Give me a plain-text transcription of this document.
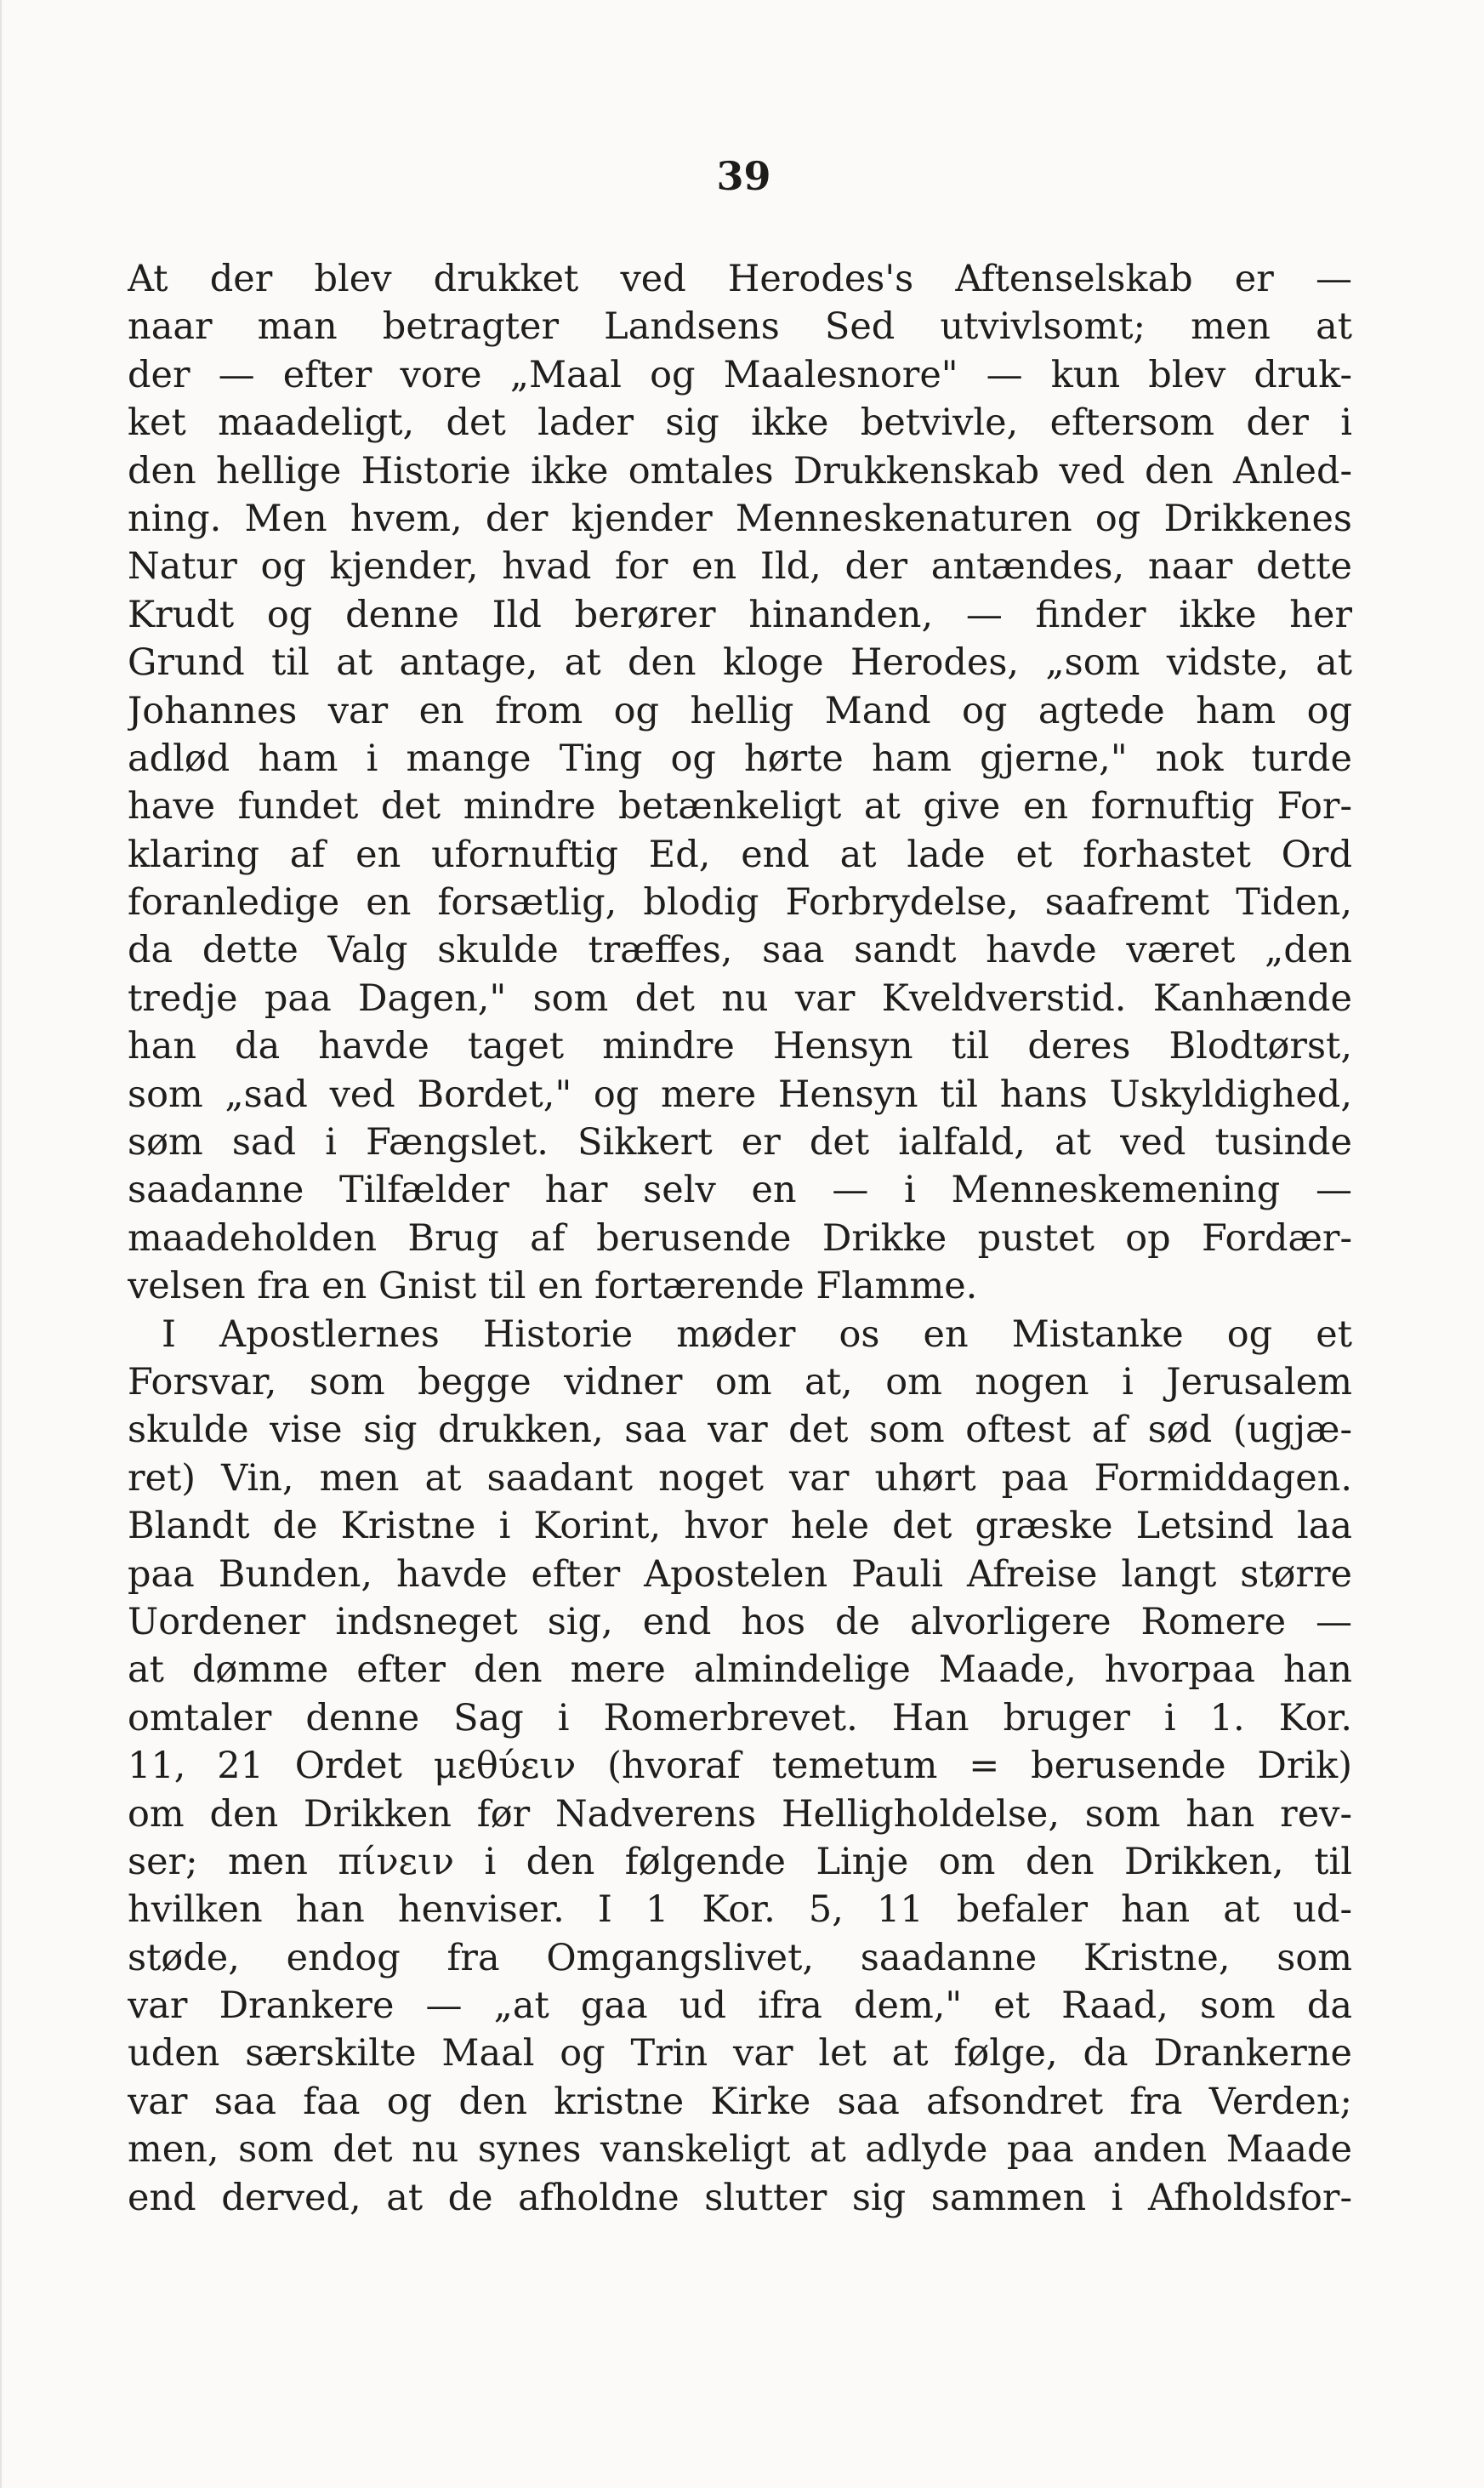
39
At der blev drukket ved Herodes's Aftenselskab er —
naar man betragter Landsens Sed utvivlsomt; men at
der — efter vore „Maal og Maalesnore" — kun blev druk-
ket maadeligt, det lader sig ikke betvivle, eftersom der i
den hellige Historie ikke omtales Drukkenskab ved den Anled-
ning. Men hvem, der kjender Menneskenaturen og Drikkenes
Natur og kjender, hvad for en Ild, der antændes, naar dette
Krudt og denne Ild berører hinanden, — finder ikke her
Grund til at antage, at den kloge Herodes, „som vidste, at
Johannes var en from og hellig Mand og agtede ham og
adlød ham i mange Ting og hørte ham gjerne," nok turde
have fundet det mindre betænkeligt at give en fornuftig For-
klaring af en ufornuftig Ed, end at lade et forhastet Ord
foranledige en forsætlig, blodig Forbrydelse, saafremt Tiden,
da dette Valg skulde træffes, saa sandt havde været „den
tredje paa Dagen," som det nu var Kveldverstid. Kanhænde
han da havde taget mindre Hensyn til deres Blodtørst,
som „sad ved Bordet," og mere Hensyn til hans Uskyldighed,
søm sad i Fængslet. Sikkert er det ialfald, at ved tusinde
saadanne Tilfælder har selv en — i Menneskemening —
maadeholden Brug af berusende Drikke pustet op Fordær-
velsen fra en Gnist til en fortærende Flamme.
I Apostlernes Historie møder os en Mistanke og et
Forsvar, som begge vidner om at, om nogen i Jerusalem
skulde vise sig drukken, saa var det som oftest af sød (ugjæ-
ret) Vin, men at saadant noget var uhørt paa Formiddagen.
Blandt de Kristne i Korint, hvor hele det græske Letsind laa
paa Bunden, havde efter Apostelen Pauli Afreise langt større
Uordener indsneget sig, end hos de alvorligere Romere —
at dømme efter den mere almindelige Maade, hvorpaa han
omtaler denne Sag i Romerbrevet. Han bruger i 1. Kor.
11, 21 Ordet μεθύειν (hvoraf temetum = berusende Drik)
om den Drikken før Nadverens Helligholdelse, som han rev-
ser; men πίνειν i den følgende Linje om den Drikken, til
hvilken han henviser. I 1 Kor. 5, 11 befaler han at ud-
støde, endog fra Omgangslivet, saadanne Kristne, som
var Drankere — „at gaa ud ifra dem," et Raad, som da
uden særskilte Maal og Trin var let at følge, da Drankerne
var saa faa og den kristne Kirke saa afsondret fra Verden;
men, som det nu synes vanskeligt at adlyde paa anden Maade
end derved, at de afholdne slutter sig sammen i Afholdsfor-
